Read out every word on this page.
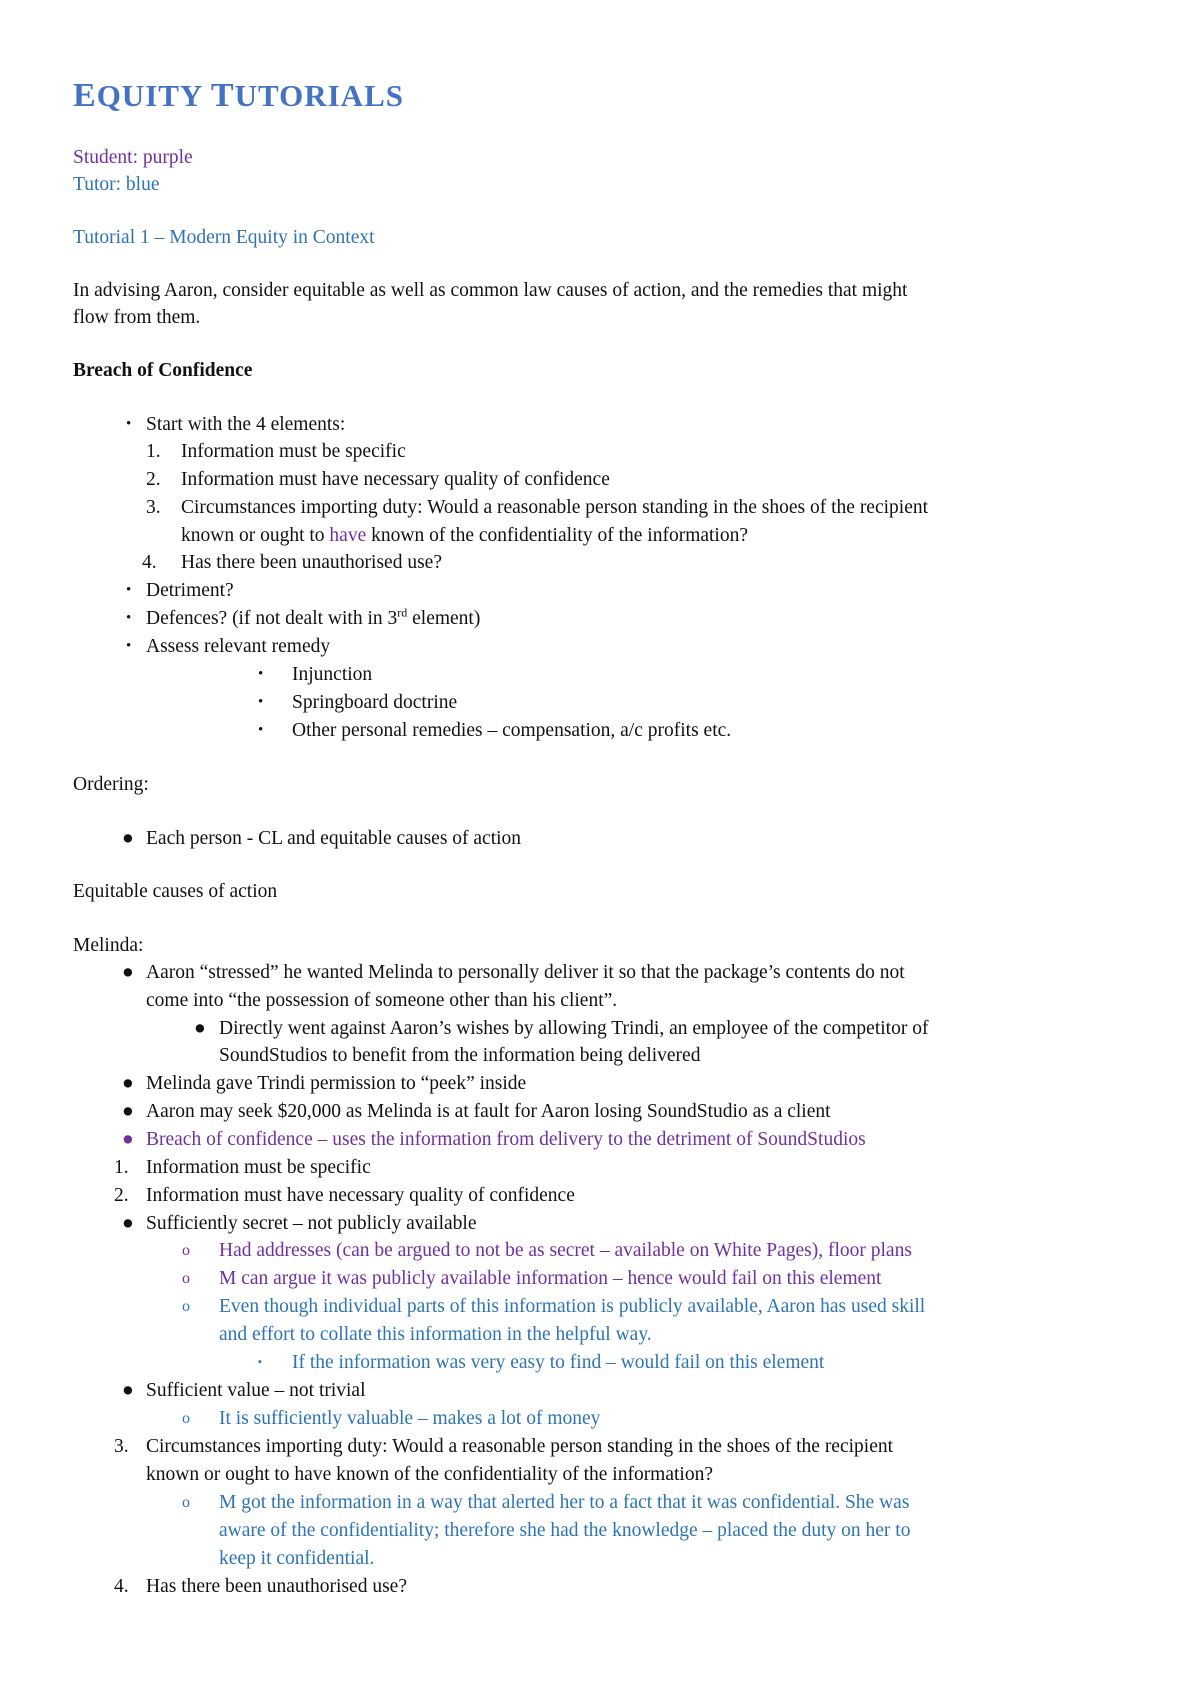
EQUITY TUTORIALS
Student: purple
Tutor: blue
Tutorial 1 – Modern Equity in Context
In advising Aaron, consider equitable as well as common law causes of action, and the remedies that might
flow from them.
Breach of Confidence
• Start with the 4 elements:
1. Information must be specific
2. Information must have necessary quality of confidence
3. Circumstances importing duty: Would a reasonable person standing in the shoes of the recipient
known or ought to have known of the confidentiality of the information?
4. Has there been unauthorised use?
• Detriment?
• Defences? (if not dealt with in 3rd element)
• Assess relevant remedy
• Injunction
• Springboard doctrine
• Other personal remedies – compensation, a/c profits etc.
Ordering:
● Each person - CL and equitable causes of action
Equitable causes of action
Melinda:
● Aaron “stressed” he wanted Melinda to personally deliver it so that the package’s contents do not
come into “the possession of someone other than his client”.
● Directly went against Aaron’s wishes by allowing Trindi, an employee of the competitor of
SoundStudios to benefit from the information being delivered
● Melinda gave Trindi permission to “peek” inside
● Aaron may seek $20,000 as Melinda is at fault for Aaron losing SoundStudio as a client
● Breach of confidence – uses the information from delivery to the detriment of SoundStudios
1. Information must be specific
2. Information must have necessary quality of confidence
● Sufficiently secret – not publicly available
o Had addresses (can be argued to not be as secret – available on White Pages), floor plans
o M can argue it was publicly available information – hence would fail on this element
o Even though individual parts of this information is publicly available, Aaron has used skill
and effort to collate this information in the helpful way.
▪ If the information was very easy to find – would fail on this element
● Sufficient value – not trivial
o It is sufficiently valuable – makes a lot of money
3. Circumstances importing duty: Would a reasonable person standing in the shoes of the recipient
known or ought to have known of the confidentiality of the information?
o M got the information in a way that alerted her to a fact that it was confidential. She was
aware of the confidentiality; therefore she had the knowledge – placed the duty on her to
keep it confidential.
4. Has there been unauthorised use?
